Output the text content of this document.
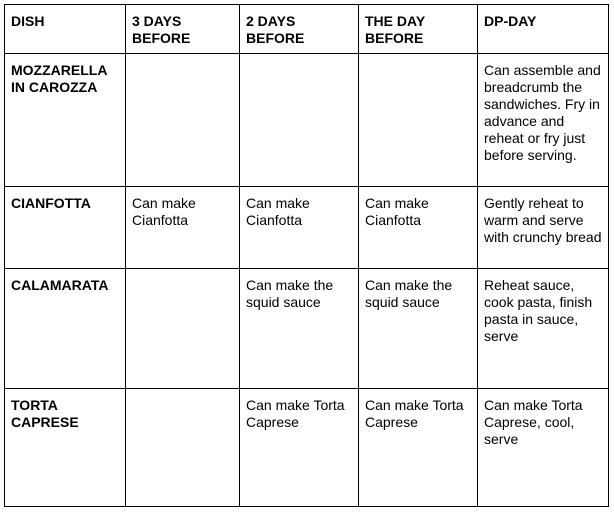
DISH	3 DAYS BEFORE	2 DAYS BEFORE	THE DAY BEFORE	DP-DAY
MOZZARELLA IN CAROZZA				Can assemble and breadcrumb the sandwiches. Fry in advance and reheat or fry just before serving.
CIANFOTTA	Can make Cianfotta	Can make Cianfotta	Can make Cianfotta	Gently reheat to warm and serve with crunchy bread
CALAMARATA		Can make the squid sauce	Can make the squid sauce	Reheat sauce, cook pasta, finish pasta in sauce, serve
TORTA CAPRESE		Can make Torta Caprese	Can make Torta Caprese	Can make Torta Caprese, cool, serve
